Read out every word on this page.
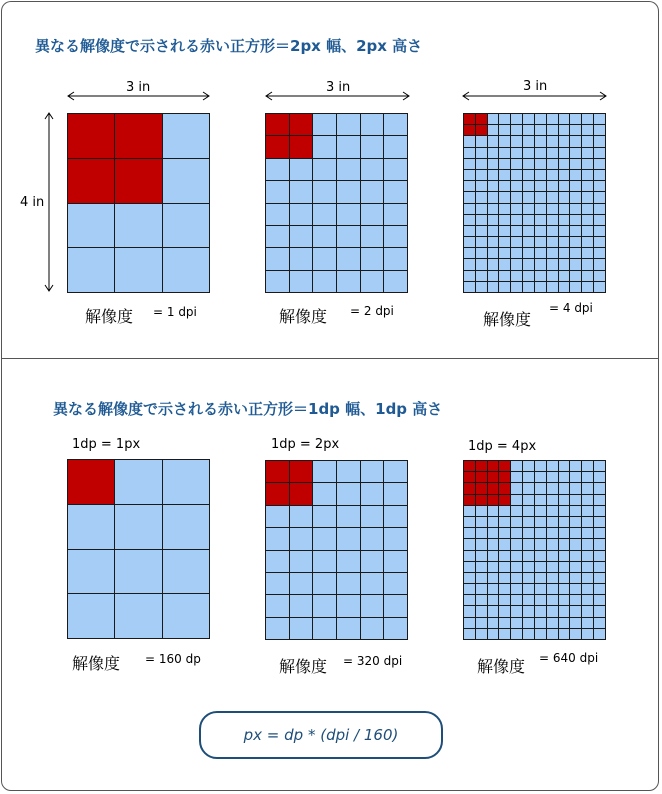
異なる解像度で示される赤い正方形＝2px 幅、2px 高さ
3 in	3 in	3 in
4 in
解像度 = 1 dpi	解像度 = 2 dpi	解像度
= 4 dpi
異なる解像度で示される赤い正方形＝1dp 幅、1dp 高さ
1dp = 1px	1dp = 2px	1dp = 4px
解像度 = 160 dp	解像度 = 320 dpi	解像度 = 640 dpi
px = dp * (dpi / 160)
